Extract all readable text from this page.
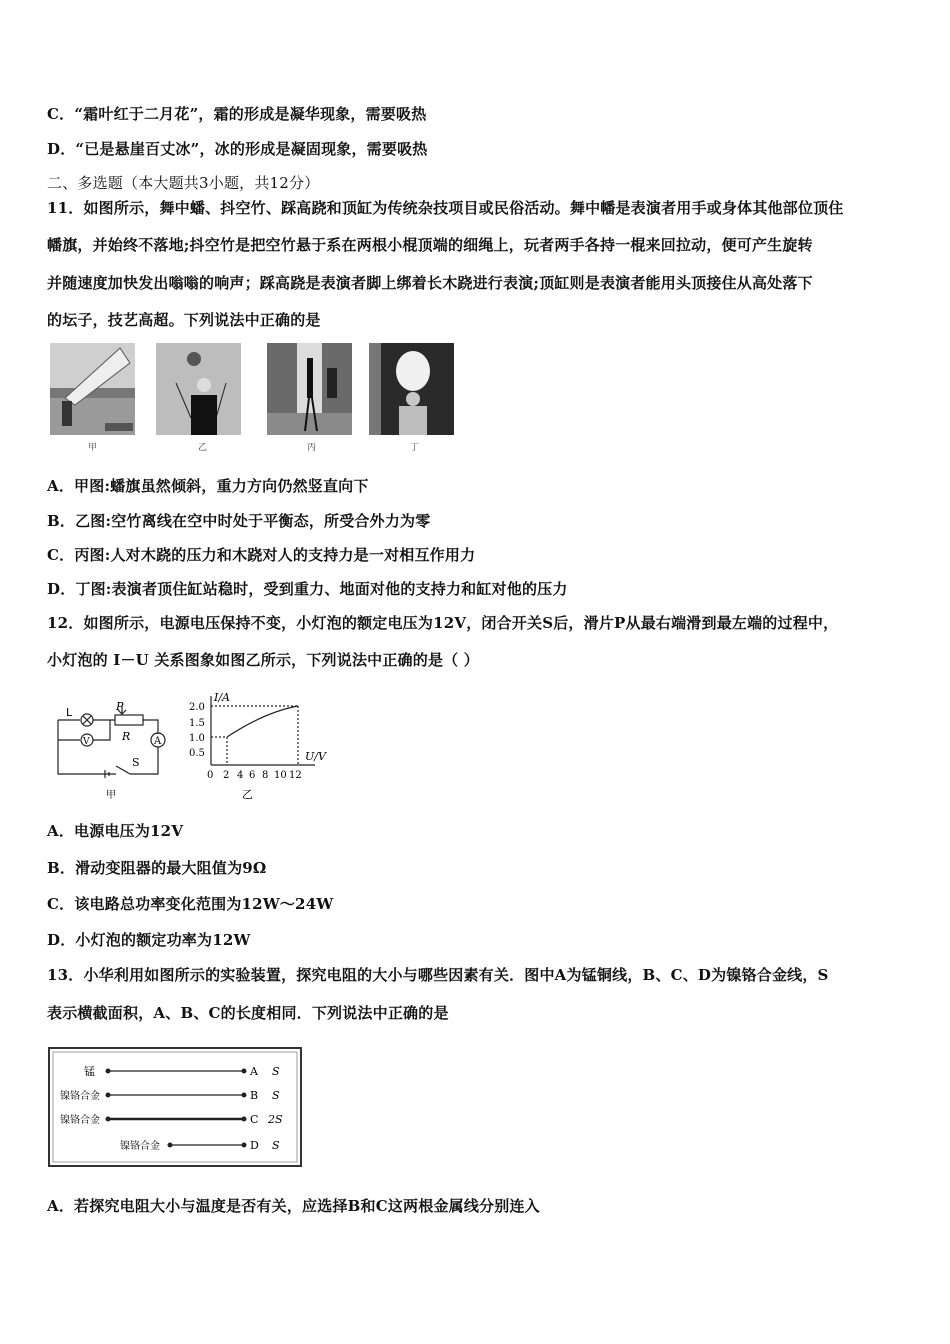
C．“霜叶红于二月花”，霜的形成是凝华现象，需要吸热
D．“已是悬崖百丈冰”，冰的形成是凝固现象，需要吸热
二、多选题（本大题共3小题，共12分）
11．如图所示，舞中蟠、抖空竹、踩高跷和顶缸为传统杂技项目或民俗活动。舞中幡是表演者用手或身体其他部位顶住
幡旗，并始终不落地;抖空竹是把空竹悬于系在两根小棍顶端的细绳上，玩者两手各持一棍来回拉动，便可产生旋转
并随速度加快发出嗡嗡的响声；踩高跷是表演者脚上绑着长木跷进行表演;顶缸则是表演者能用头顶接住从高处落下
的坛子，技艺高超。下列说法中正确的是
甲	乙	丙	丁
A．甲图:蟠旗虽然倾斜，重力方向仍然竖直向下
B．乙图:空竹离线在空中时处于平衡态，所受合外力为零
C．丙图:人对木跷的压力和木跷对人的支持力是一对相互作用力
D．丁图:表演者顶住缸站稳时，受到重力、地面对他的支持力和缸对他的压力
12．如图所示，电源电压保持不变，小灯泡的额定电压为12V，闭合开关S后，滑片P从最右端滑到最左端的过程中，
小灯泡的 I－U 关系图象如图乙所示，下列说法中正确的是（ ）
L	P
R A
V
S
甲
I/A
U/V
2.0
1.5
1.0
0.5
0 2 4 6 8 10 12
乙
A．电源电压为12V
B．滑动变阻器的最大阻值为9Ω
C．该电路总功率变化范围为12W～24W
D．小灯泡的额定功率为12W
13．小华利用如图所示的实验装置，探究电阻的大小与哪些因素有关．图中A为锰铜线，B、C、D为镍铬合金线，S
表示横截面积，A、B、C的长度相同．下列说法中正确的是
锰
镍铬合金
镍铬合金
镍铬合金
A
B
C
D
S
S
2S
S
A．若探究电阻大小与温度是否有关，应选择B和C这两根金属线分别连入
